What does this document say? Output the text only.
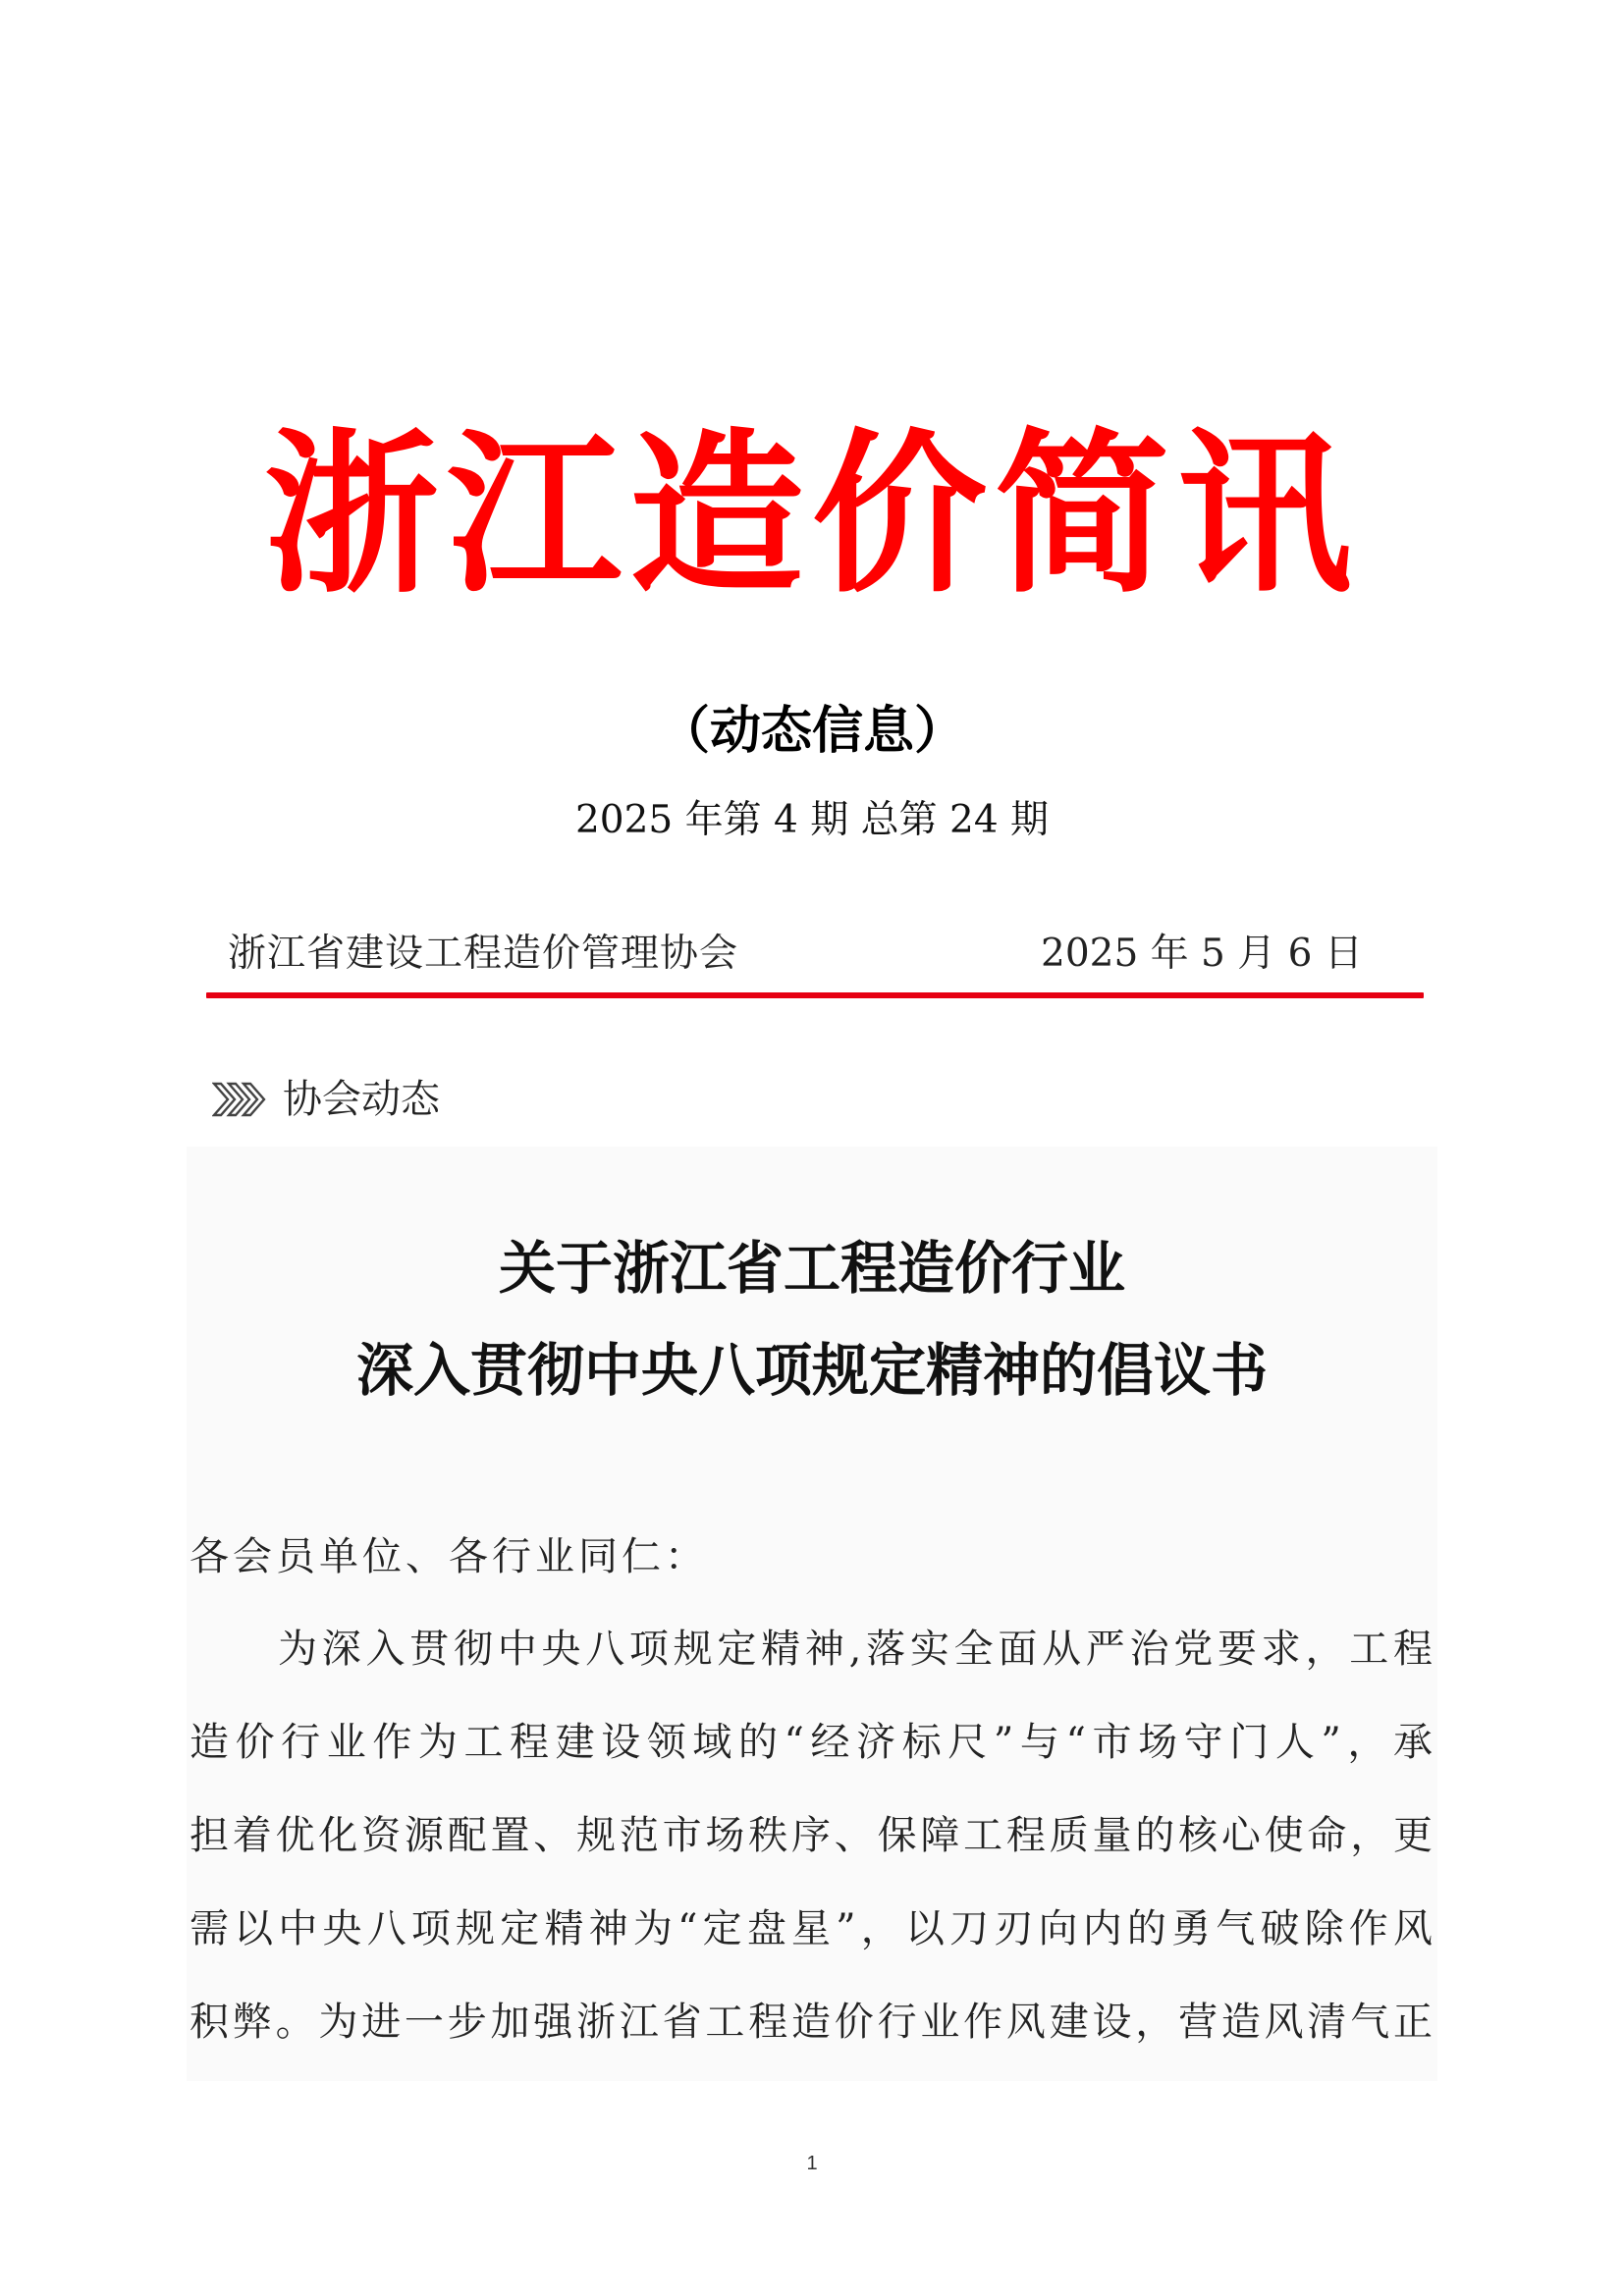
浙江造价简讯
（动态信息）
2025 年第 4 期 总第 24 期
浙江省建设工程造价管理协会	2025 年 5 月 6 日
协会动态
关于浙江省工程造价行业
深入贯彻中央八项规定精神的倡议书
各会员单位、各行业同仁：
为深入贯彻中央八项规定精神,落实全面从严治党要求，工程
造价行业作为工程建设领域的“经济标尺”与“市场守门人”，承
担着优化资源配置、规范市场秩序、保障工程质量的核心使命，更
需以中央八项规定精神为“定盘星”，以刀刃向内的勇气破除作风
积弊。为进一步加强浙江省工程造价行业作风建设，营造风清气正
1
